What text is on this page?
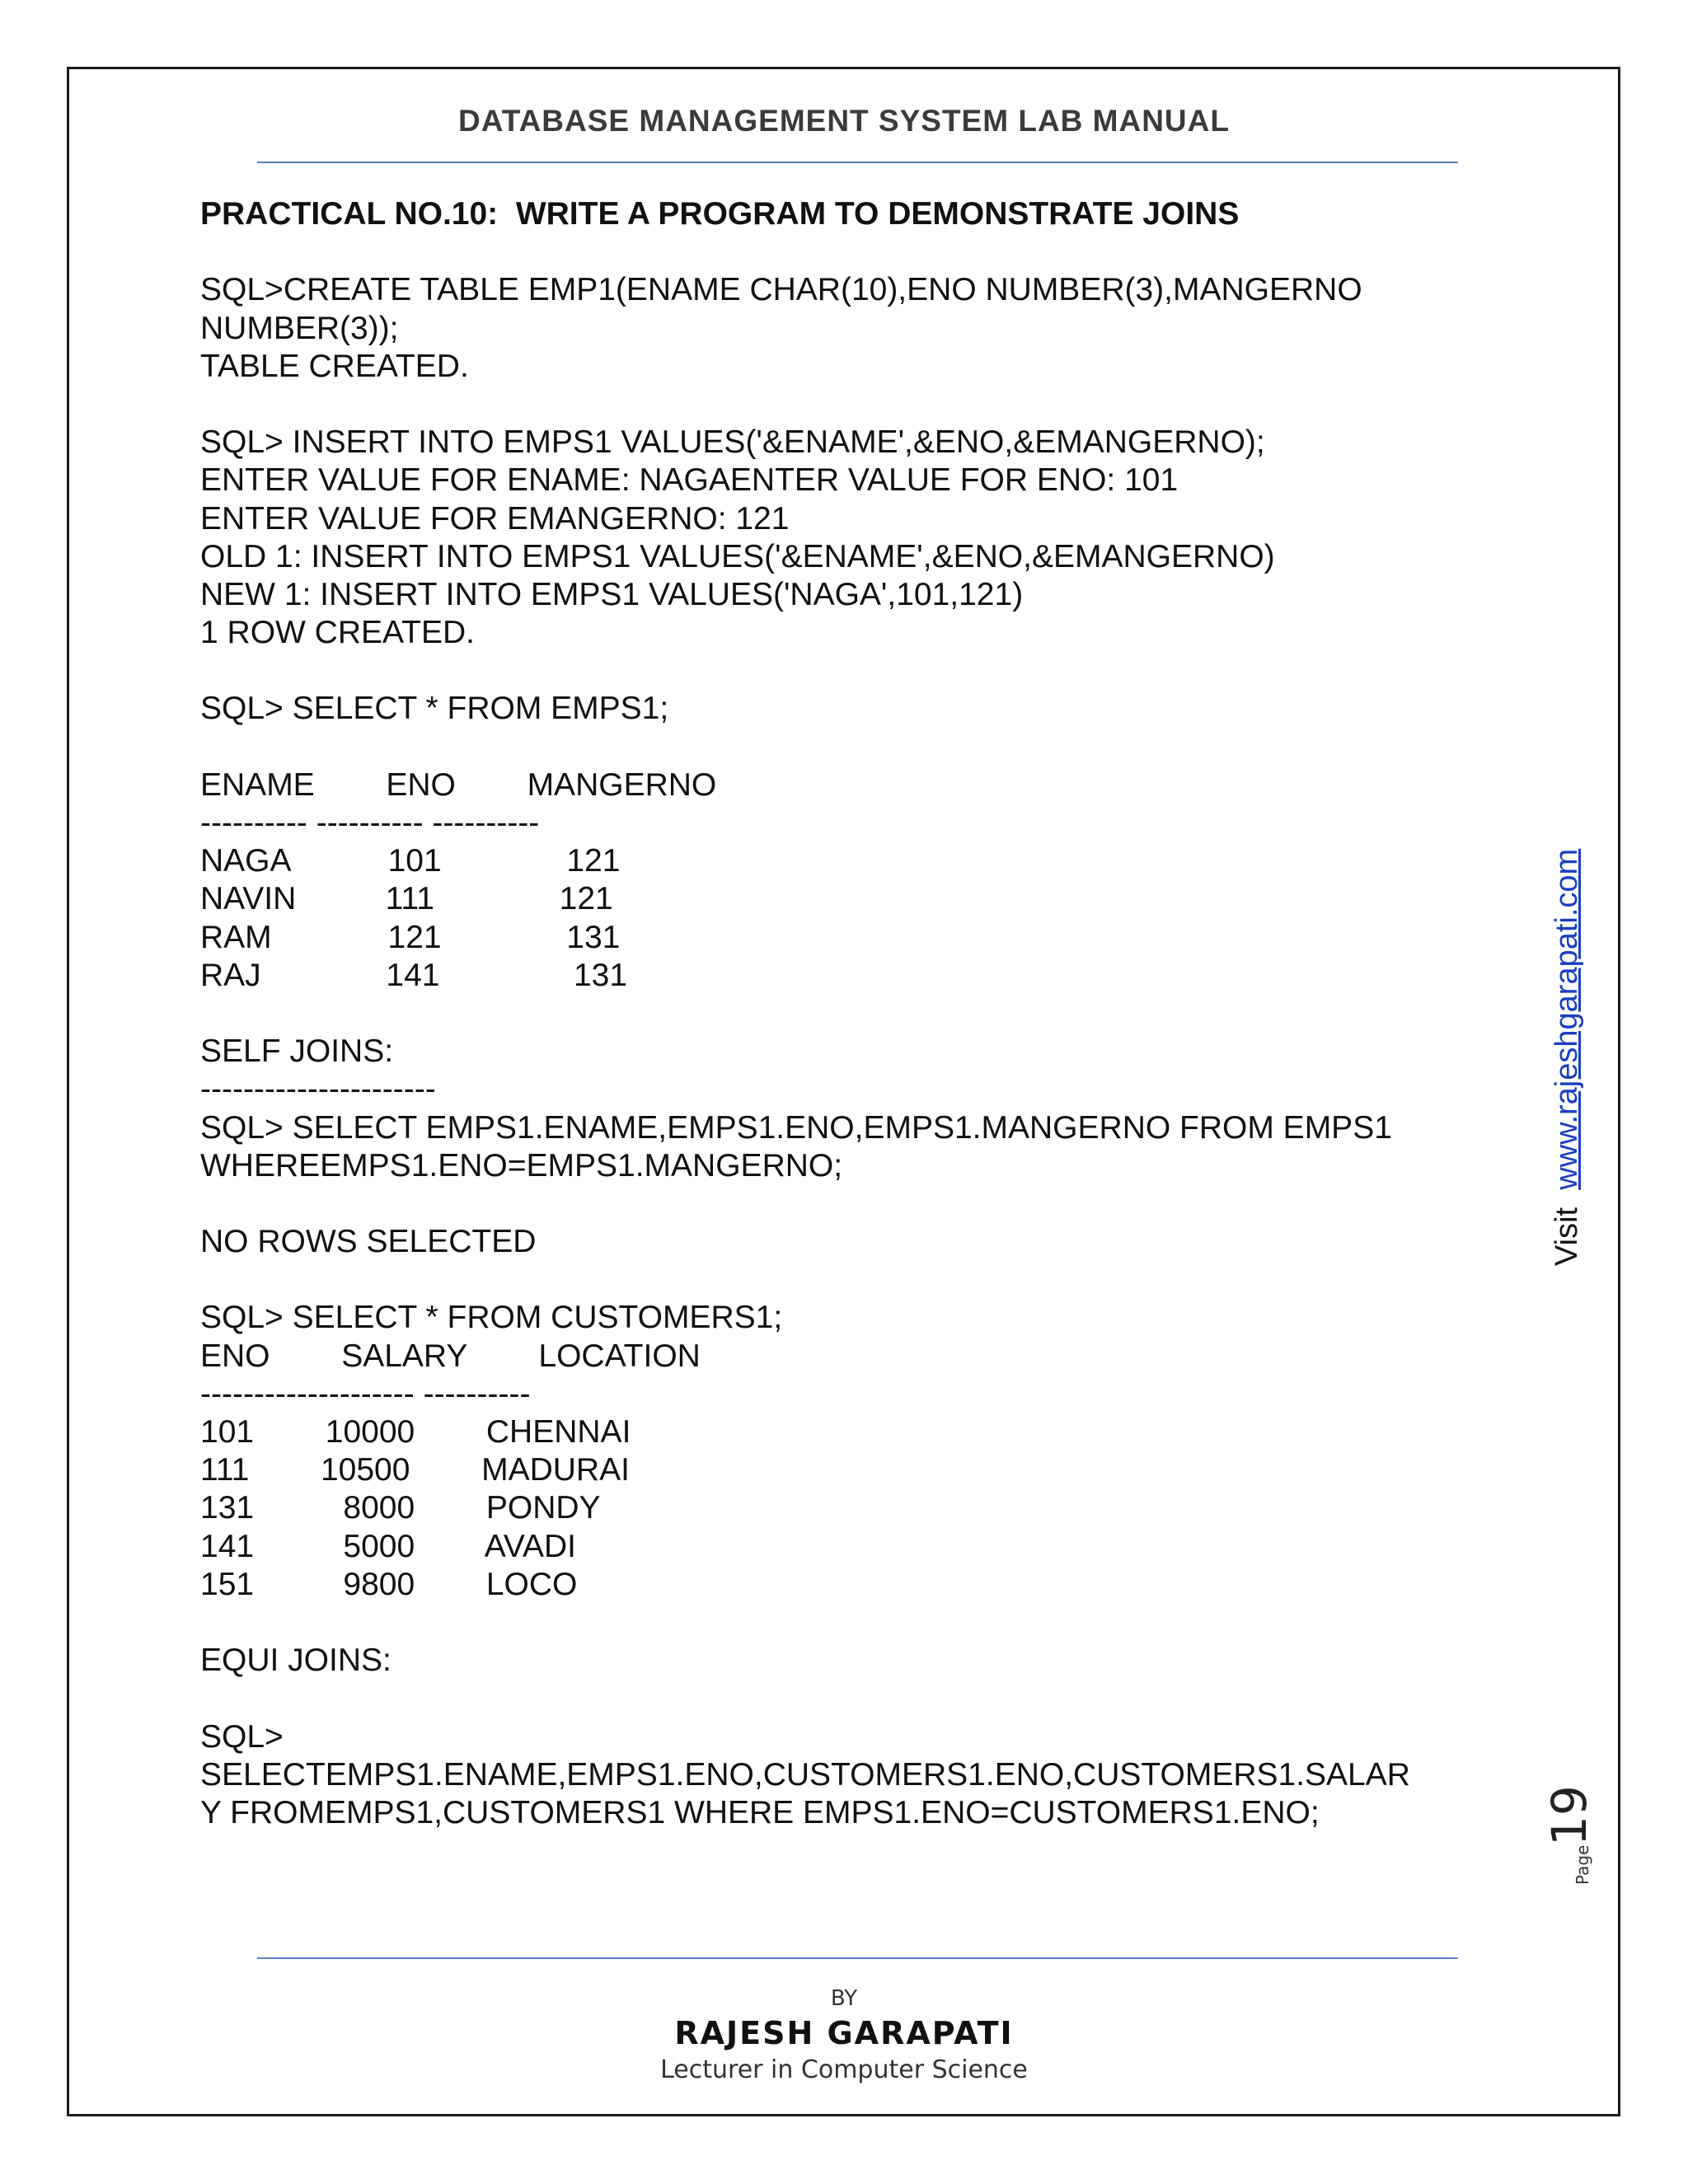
DATABASE MANAGEMENT SYSTEM LAB MANUAL
PRACTICAL NO.10:  WRITE A PROGRAM TO DEMONSTRATE JOINS
SQL>CREATE TABLE EMP1(ENAME CHAR(10),ENO NUMBER(3),MANGERNO
NUMBER(3));
TABLE CREATED.
SQL> INSERT INTO EMPS1 VALUES('&ENAME',&ENO,&EMANGERNO);
ENTER VALUE FOR ENAME: NAGAENTER VALUE FOR ENO: 101
ENTER VALUE FOR EMANGERNO: 121
OLD 1: INSERT INTO EMPS1 VALUES('&ENAME',&ENO,&EMANGERNO)
NEW 1: INSERT INTO EMPS1 VALUES('NAGA',101,121)
1 ROW CREATED.
SQL> SELECT * FROM EMPS1;
ENAME        ENO        MANGERNO
---------- ---------- ----------
NAGA           101              121
NAVIN          111              121
RAM             121              131
RAJ              141               131
SELF JOINS:
----------------------
SQL> SELECT EMPS1.ENAME,EMPS1.ENO,EMPS1.MANGERNO FROM EMPS1
WHEREEMPS1.ENO=EMPS1.MANGERNO;
NO ROWS SELECTED
SQL> SELECT * FROM CUSTOMERS1;
ENO        SALARY        LOCATION
-------------------- ----------
101        10000        CHENNAI
111        10500        MADURAI
131          8000        PONDY
141          5000        AVADI
151          9800        LOCO
EQUI JOINS:
SQL>
SELECTEMPS1.ENAME,EMPS1.ENO,CUSTOMERS1.ENO,CUSTOMERS1.SALAR
Y FROMEMPS1,CUSTOMERS1 WHERE EMPS1.ENO=CUSTOMERS1.ENO;
Visit  www.rajeshgarapati.com
Page
19
BY
RAJESH GARAPATI
Lecturer in Computer Science
